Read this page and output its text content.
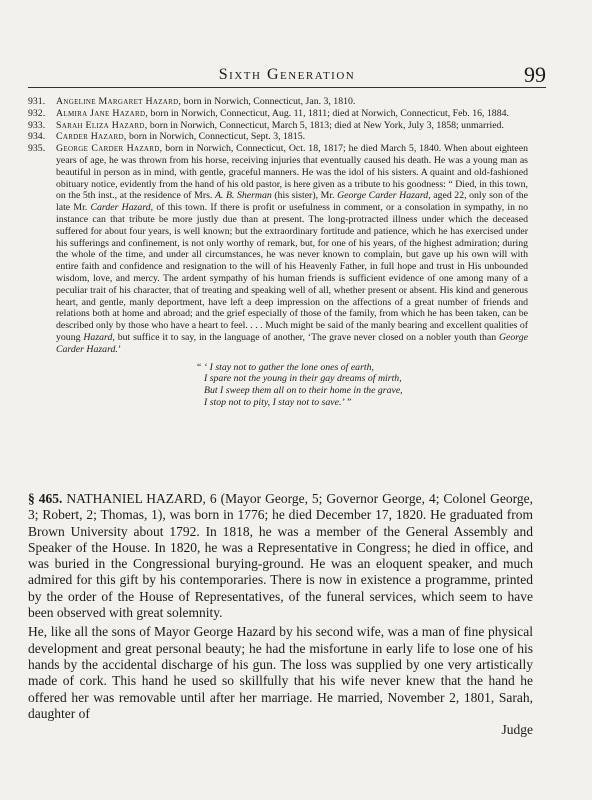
Sixth Generation	99
931. Angeline Margaret Hazard, born in Norwich, Connecticut, Jan. 3, 1810.
932. Almira Jane Hazard, born in Norwich, Connecticut, Aug. 11, 1811; died at Norwich, Connecticut, Feb. 16, 1884.
933. Sarah Eliza Hazard, born in Norwich, Connecticut, March 5, 1813; died at New York, July 3, 1858; unmarried.
934. Carder Hazard, born in Norwich, Connecticut, Sept. 3, 1815.
935. George Carder Hazard, born in Norwich, Connecticut, Oct. 18, 1817; he died March 5, 1840. When about eighteen years of age, he was thrown from his horse, receiving injuries that eventually caused his death. He was a young man as beautiful in person as in mind, with gentle, graceful manners. He was the idol of his sisters. A quaint and old-fashioned obituary notice, evidently from the hand of his old pastor, is here given as a tribute to his goodness: “ Died, in this town, on the 5th inst., at the residence of Mrs. A. B. Sherman (his sister), Mr. George Carder Hazard, aged 22, only son of the late Mr. Carder Hazard, of this town. If there is profit or usefulness in comment, or a consolation in sympathy, in no instance can that tribute be more justly due than at present. The long-protracted illness under which the deceased suffered for about four years, is well known; but the extraordinary fortitude and patience, which he has exercised under his sufferings and confinement, is not only worthy of remark, but, for one of his years, of the highest admiration; during the whole of the time, and under all circumstances, he was never known to complain, but gave up his own will with entire faith and confidence and resignation to the will of his Heavenly Father, in full hope and trust in His unbounded wisdom, love, and mercy. The ardent sympathy of his human friends is sufficient evidence of one among many of a peculiar trait of his character, that of treating and speaking well of all, whether present or absent. His kind and generous heart, and gentle, manly deportment, have left a deep impression on the affections of a great number of friends and relations both at home and abroad; and the grief especially of those of the family, from which he has been taken, can be described only by those who have a heart to feel. . . . Much might be said of the manly bearing and excellent qualities of young Hazard, but suffice it to say, in the language of another, ‘The grave never closed on a nobler youth than George Carder Hazard.’
“ ‘ I stay not to gather the lone ones of earth,
I spare not the young in their gay dreams of mirth,
But I sweep them all on to their home in the grave,
I stop not to pity, I stay not to save.’ ”

§ 465. NATHANIEL HAZARD, 6 (Mayor George, 5; Governor George, 4; Colonel George, 3; Robert, 2; Thomas, 1), was born in 1776; he died December 17, 1820. He graduated from Brown University about 1792. In 1818, he was a member of the General Assembly and Speaker of the House. In 1820, he was a Representative in Congress; he died in office, and was buried in the Congressional burying-ground. He was an eloquent speaker, and much admired for this gift by his contemporaries. There is now in existence a programme, printed by the order of the House of Representatives, of the funeral services, which seem to have been observed with great solemnity.

He, like all the sons of Mayor George Hazard by his second wife, was a man of fine physical development and great personal beauty; he had the misfortune in early life to lose one of his hands by the accidental discharge of his gun. The loss was supplied by one very artistically made of cork. This hand he used so skillfully that his wife never knew that the hand he offered her was removable until after her marriage. He married, November 2, 1801, Sarah, daughter of

Judge
